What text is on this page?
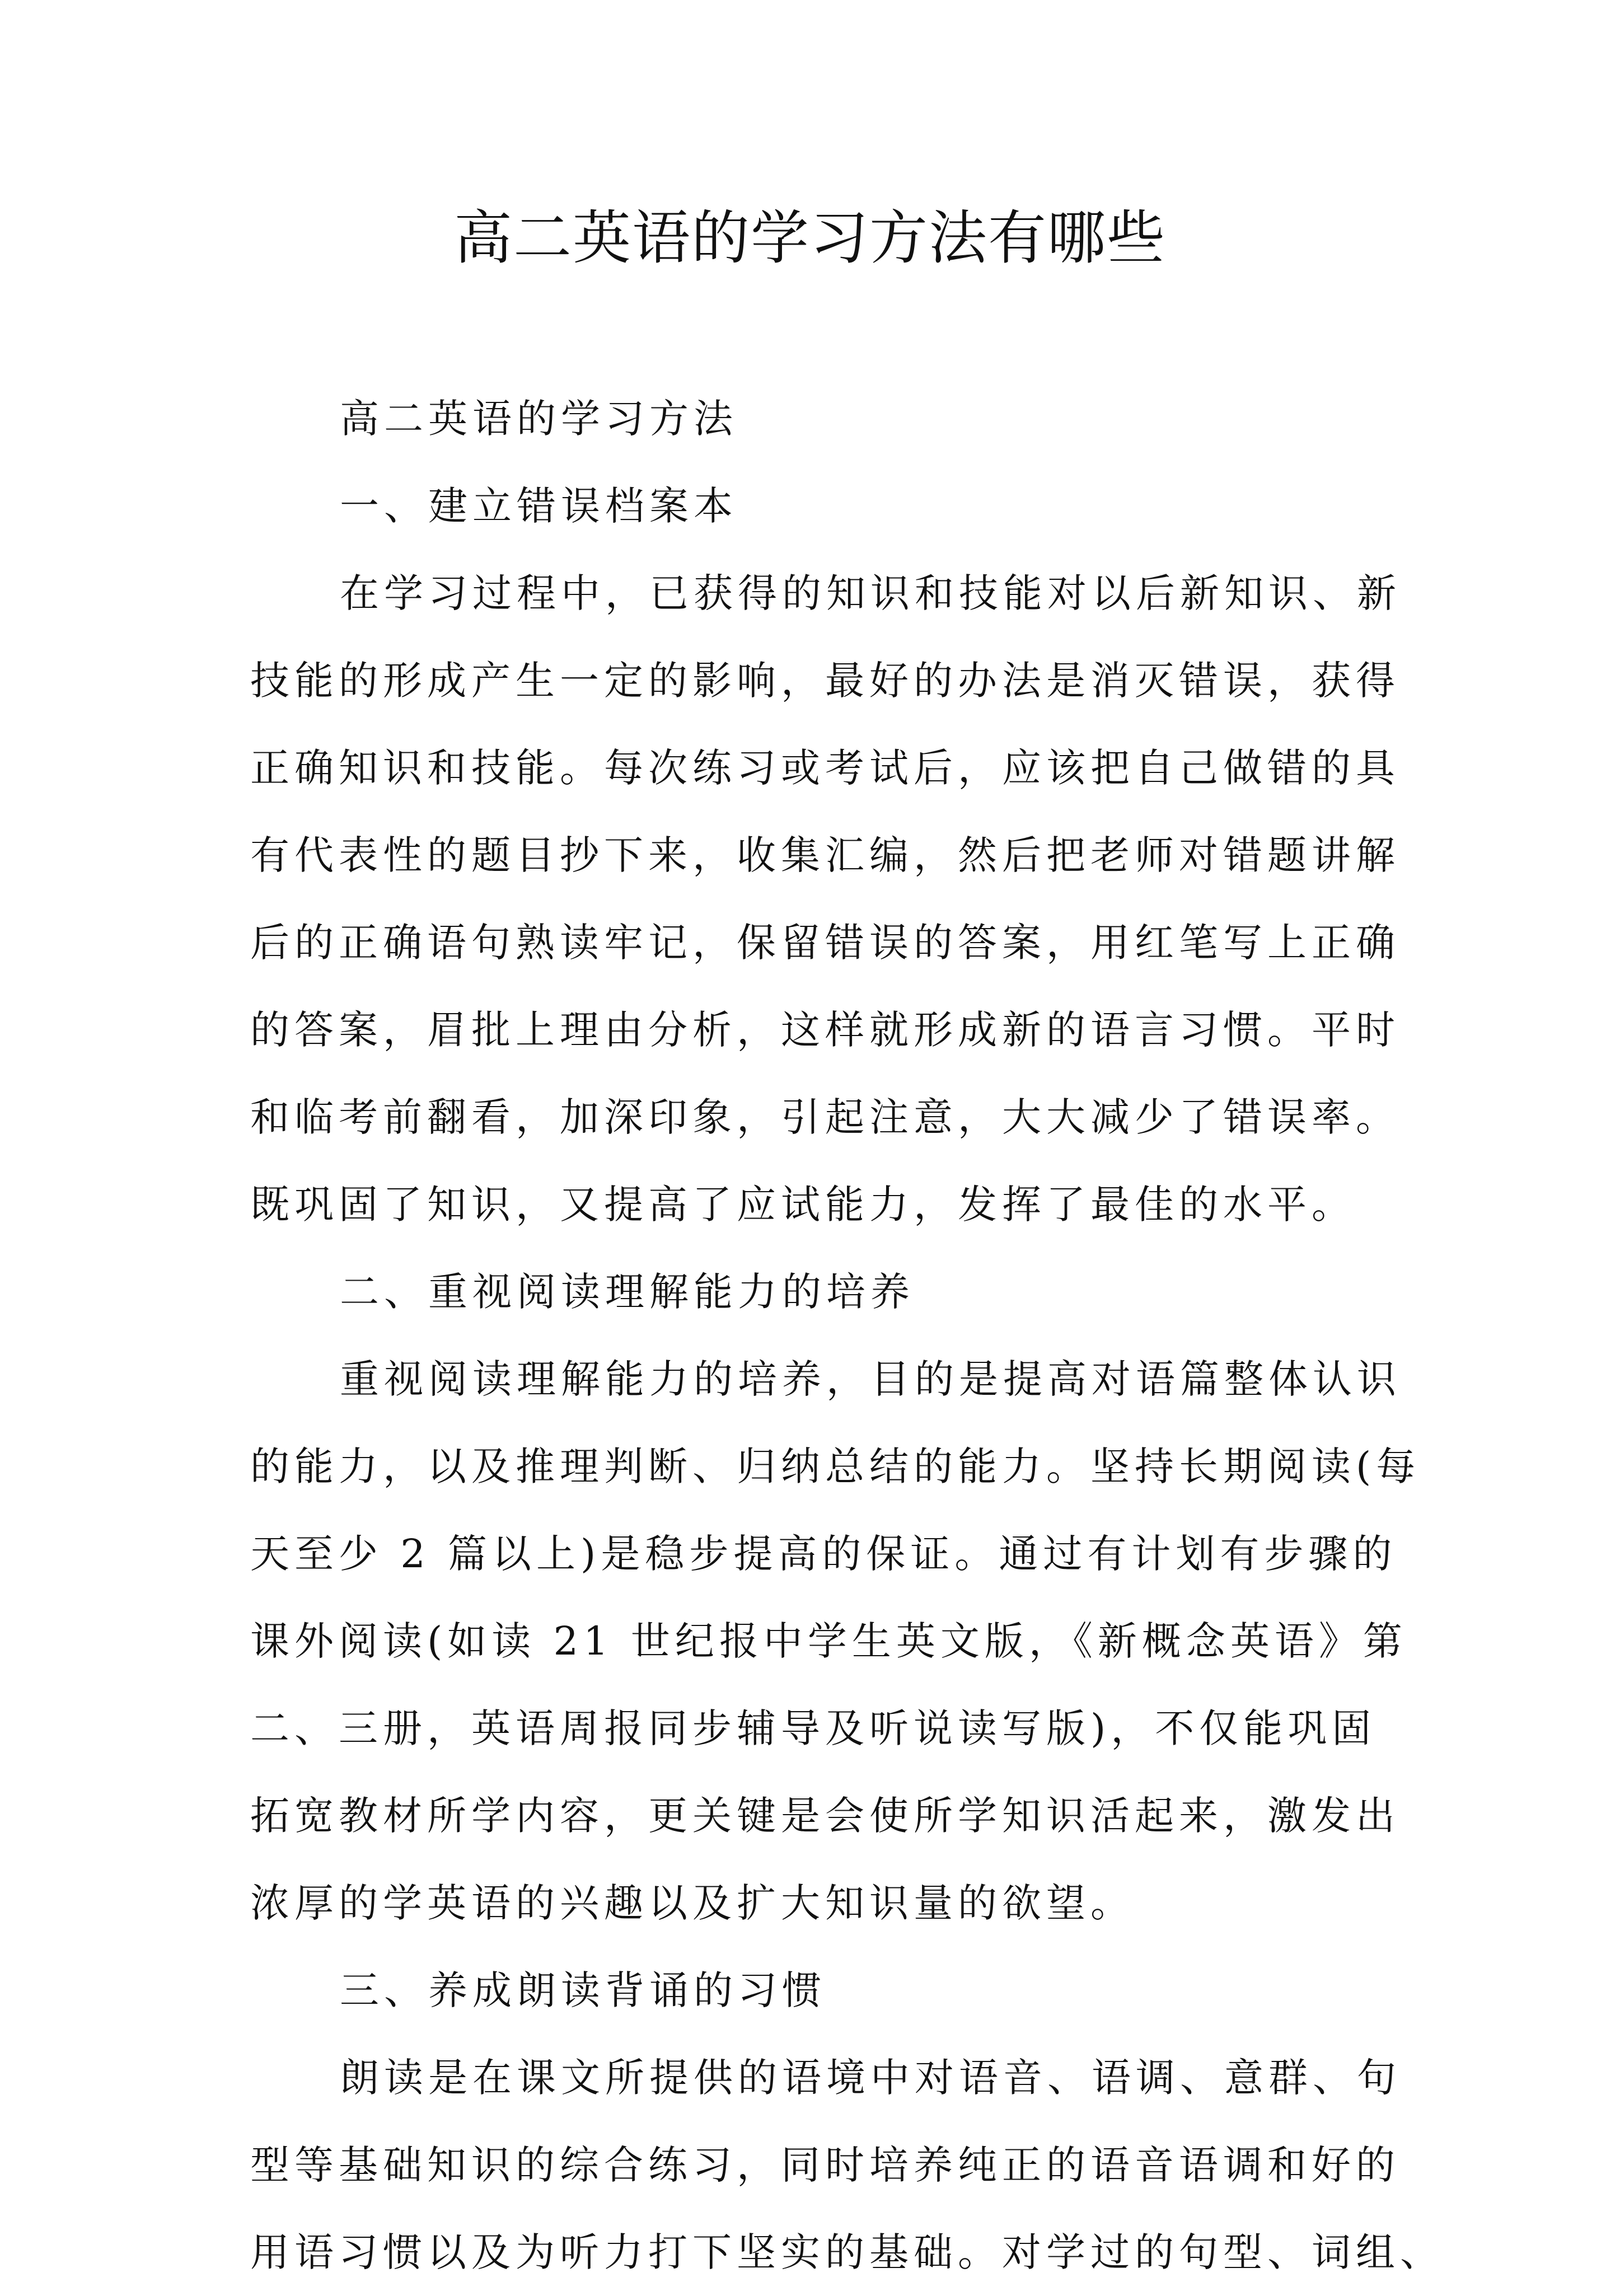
高二英语的学习方法有哪些

高二英语的学习方法

一、建立错误档案本

在学习过程中，已获得的知识和技能对以后新知识、新
技能的形成产生一定的影响，最好的办法是消灭错误，获得
正确知识和技能。每次练习或考试后，应该把自己做错的具
有代表性的题目抄下来，收集汇编，然后把老师对错题讲解
后的正确语句熟读牢记，保留错误的答案，用红笔写上正确
的答案，眉批上理由分析，这样就形成新的语言习惯。平时
和临考前翻看，加深印象，引起注意，大大减少了错误率。
既巩固了知识，又提高了应试能力，发挥了最佳的水平。

二、重视阅读理解能力的培养

重视阅读理解能力的培养，目的是提高对语篇整体认识
的能力，以及推理判断、归纳总结的能力。坚持长期阅读(每
天至少 2 篇以上)是稳步提高的保证。通过有计划有步骤的
课外阅读(如读 21 世纪报中学生英文版，《新概念英语》第
二、三册，英语周报同步辅导及听说读写版)，不仅能巩固
拓宽教材所学内容，更关键是会使所学知识活起来，激发出
浓厚的学英语的兴趣以及扩大知识量的欲望。

三、养成朗读背诵的习惯

朗读是在课文所提供的语境中对语音、语调、意群、句
型等基础知识的综合练习，同时培养纯正的语音语调和好的
用语习惯以及为听力打下坚实的基础。对学过的句型、词组、
